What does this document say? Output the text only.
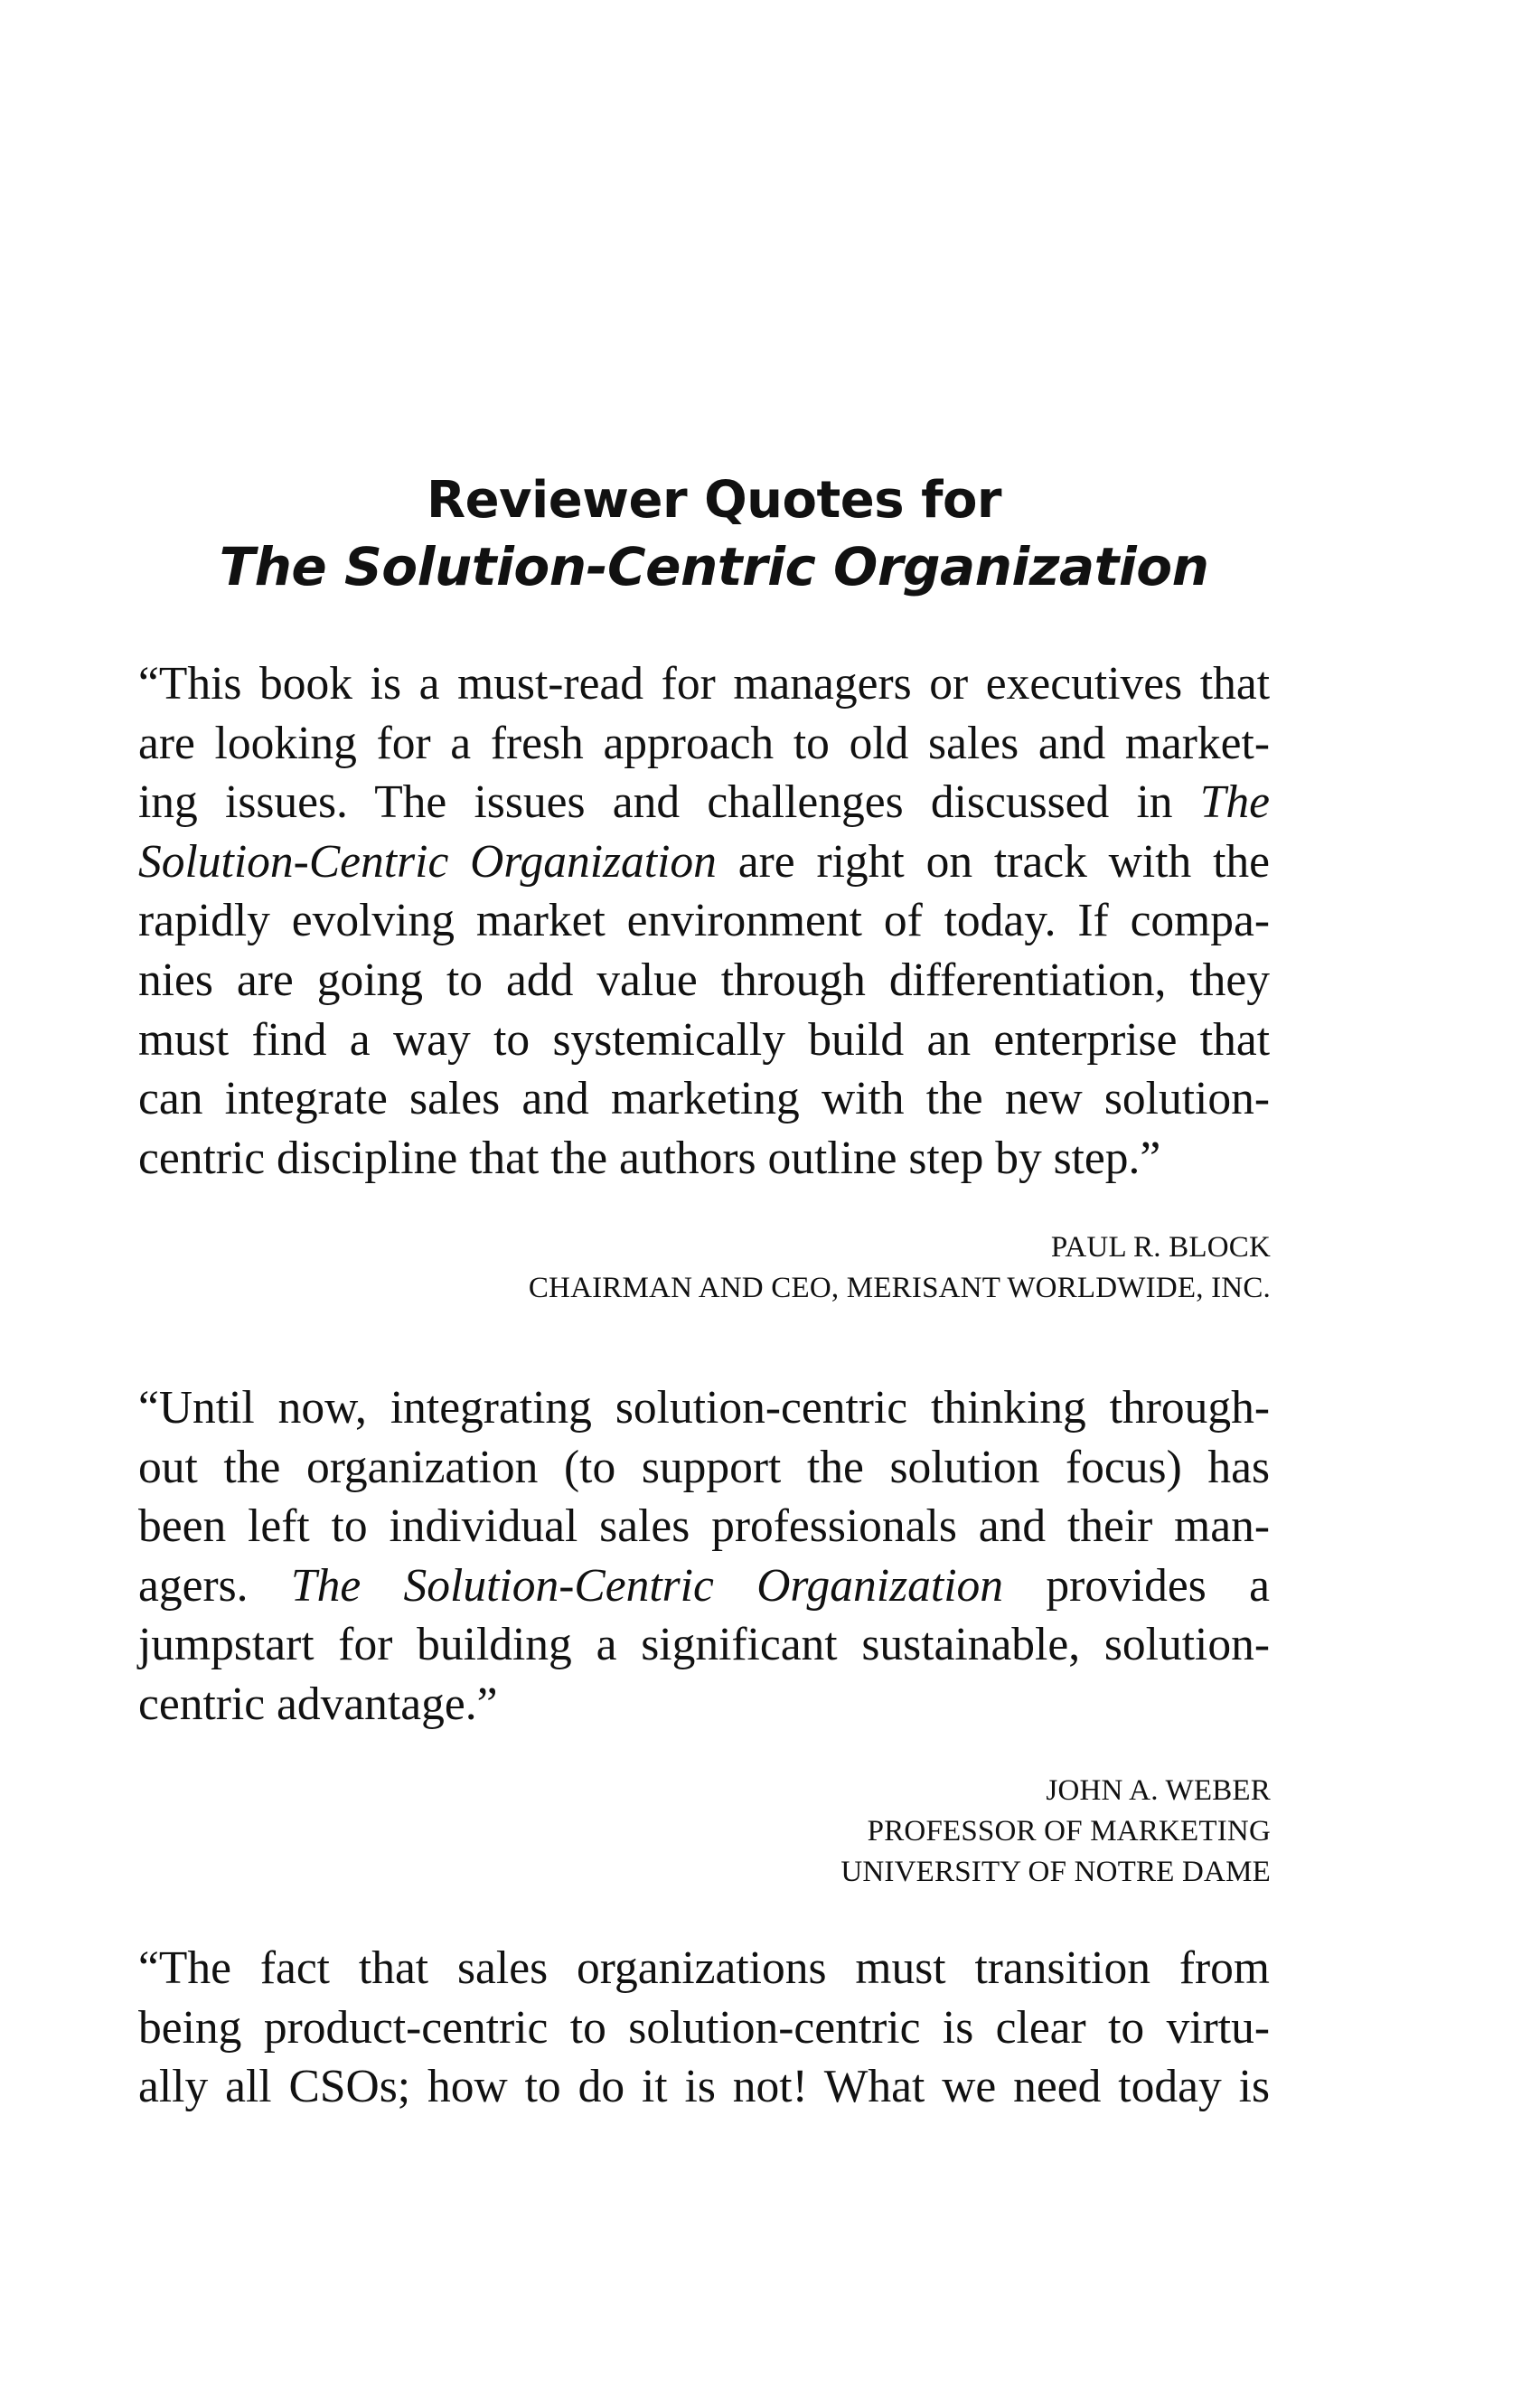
Reviewer Quotes for
The Solution-Centric Organization
“This book is a must-read for managers or executives that
are looking for a fresh approach to old sales and market-
ing issues. The issues and challenges discussed in The
Solution-Centric Organization are right on track with the
rapidly evolving market environment of today. If compa-
nies are going to add value through differentiation, they
must find a way to systemically build an enterprise that
can integrate sales and marketing with the new solution-
centric discipline that the authors outline step by step.”
PAUL R. BLOCK
CHAIRMAN AND CEO, MERISANT WORLDWIDE, INC.
“Until now, integrating solution-centric thinking through-
out the organization (to support the solution focus) has
been left to individual sales professionals and their man-
agers. The Solution-Centric Organization provides a
jumpstart for building a significant sustainable, solution-
centric advantage.”
JOHN A. WEBER
PROFESSOR OF MARKETING
UNIVERSITY OF NOTRE DAME
“The fact that sales organizations must transition from
being product-centric to solution-centric is clear to virtu-
ally all CSOs; how to do it is not! What we need today is
